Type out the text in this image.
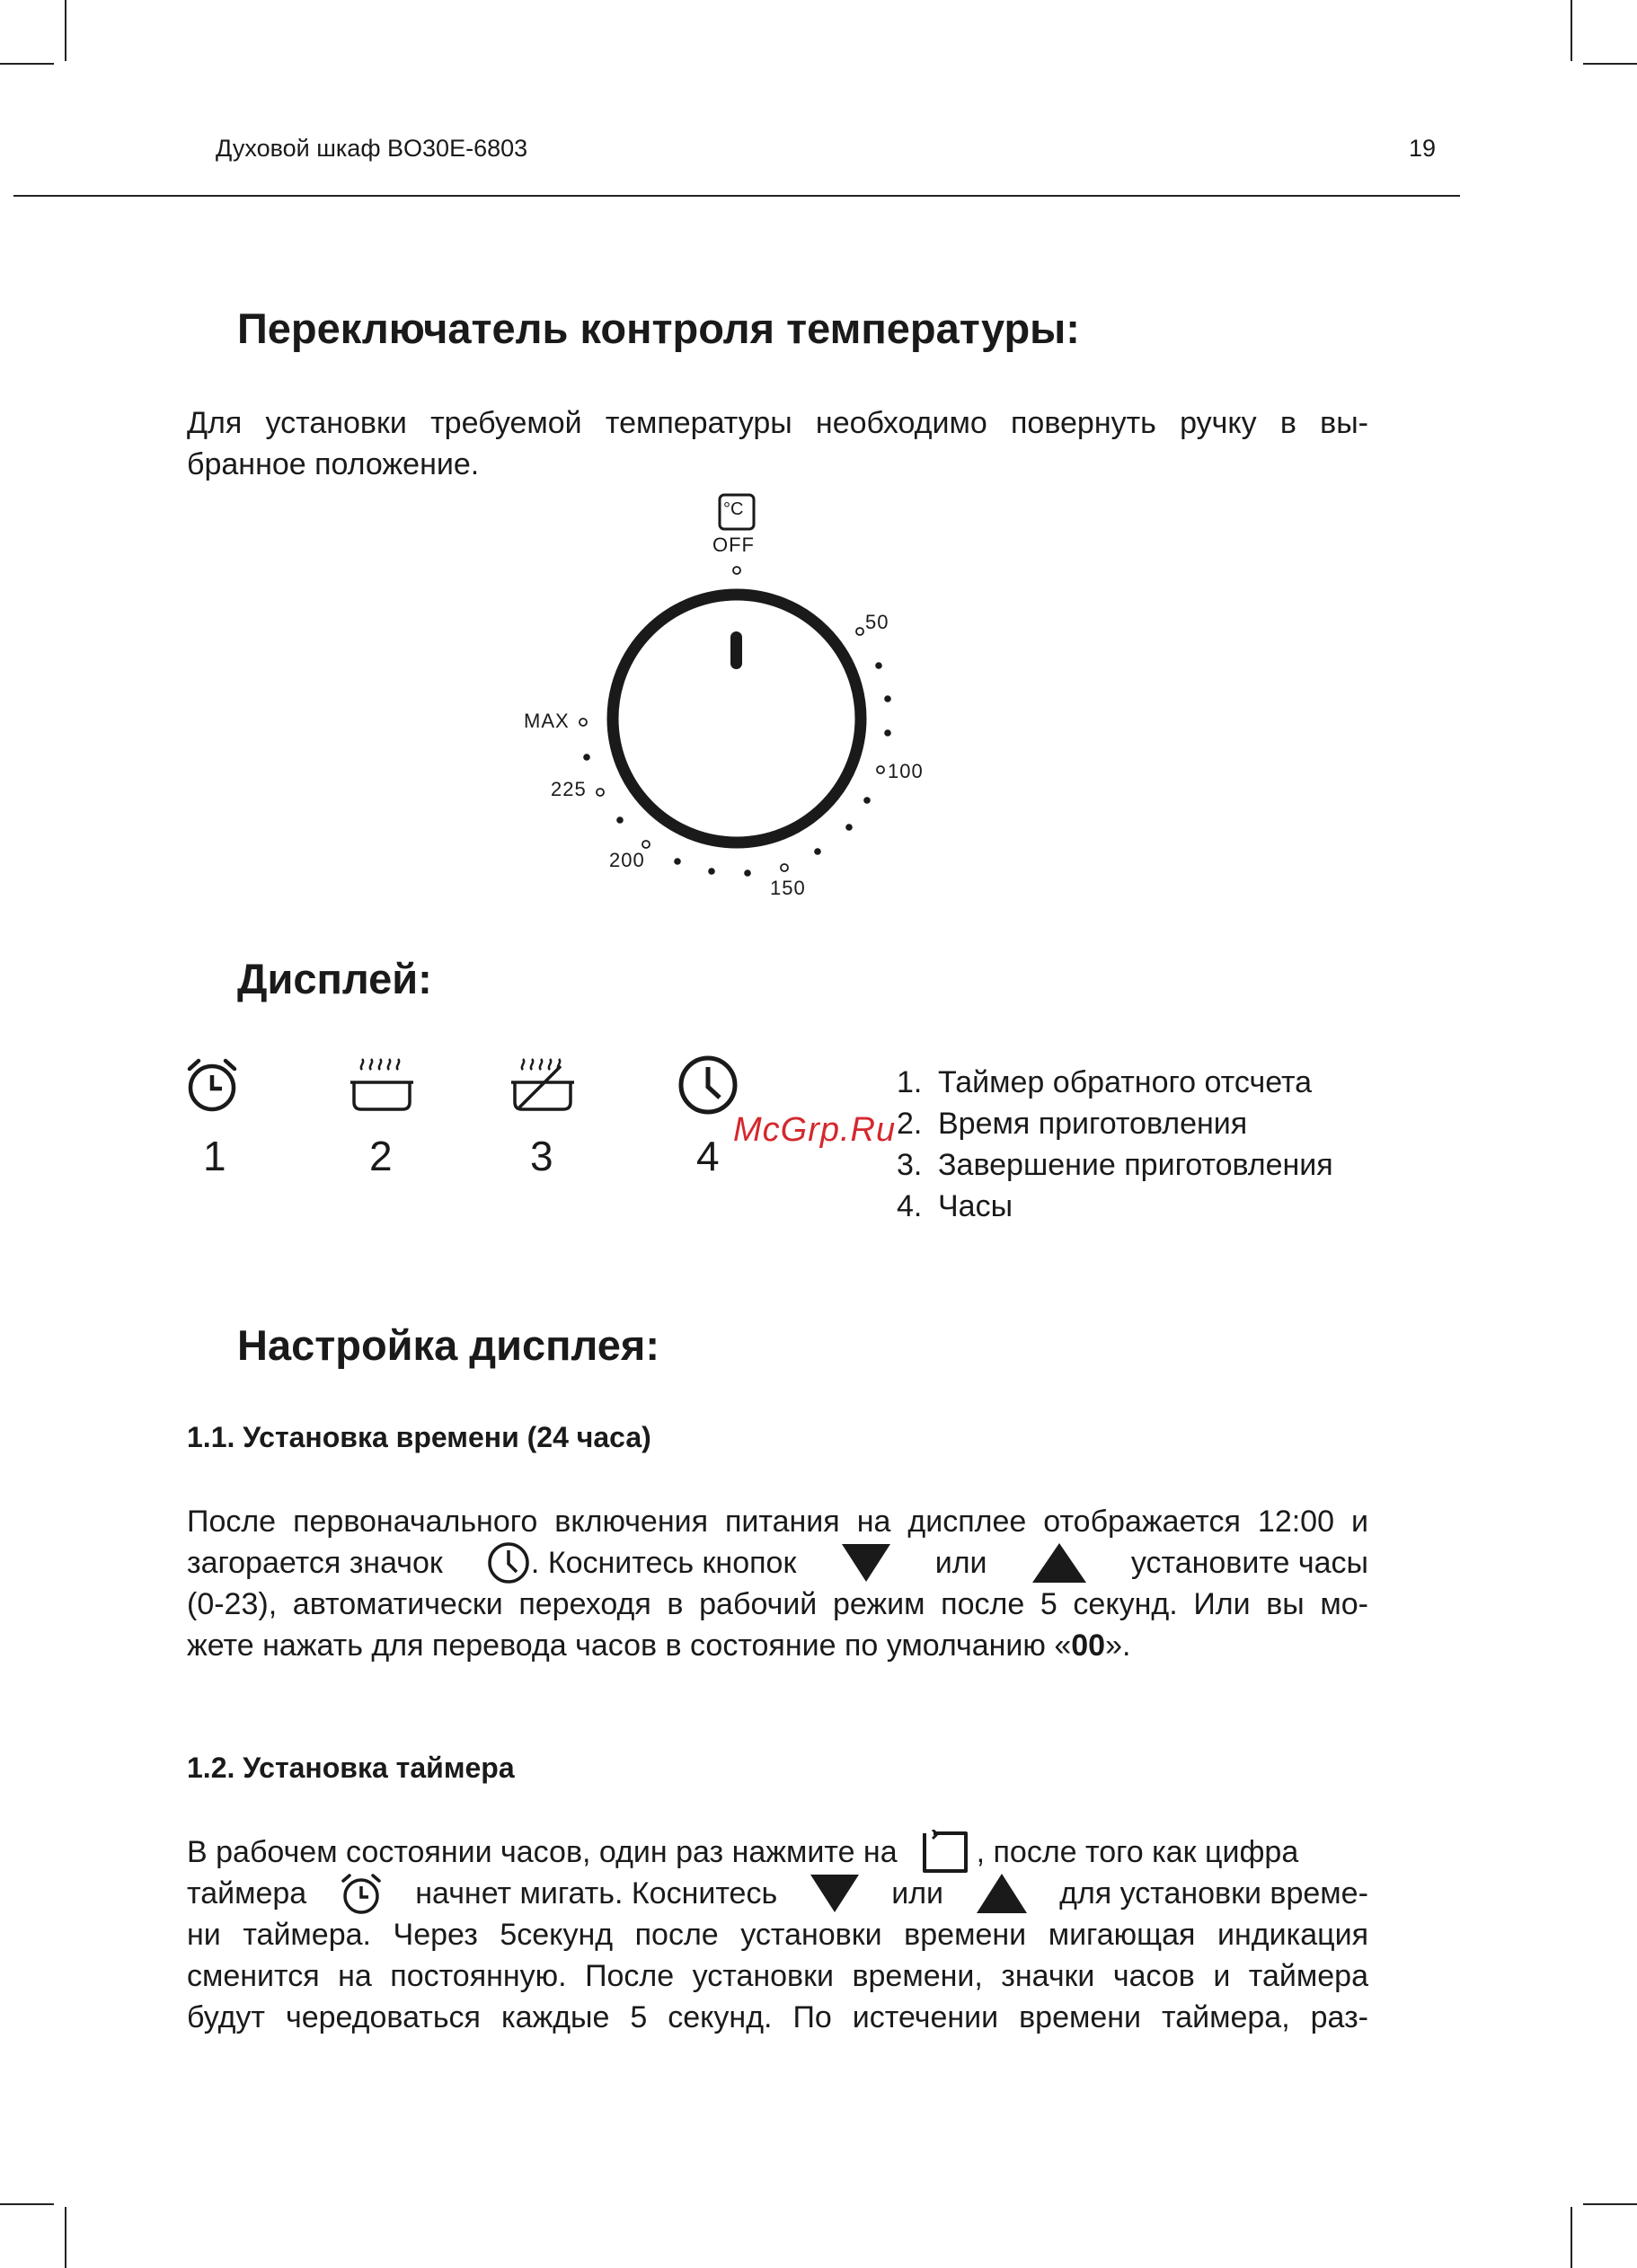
Духовой шкаф BO30E-6803	19
Переключатель контроля температуры:
Для установки требуемой температуры необходимо повернуть ручку в вы-
бранное положение.
°C
OFF
50
100
150
200
225
MAX
Дисплей:
1	2	3	4
1. Таймер обратного отсчета
2. Время приготовления
3. Завершение приготовления
4. Часы
McGrp.Ru
Настройка дисплея:
1.1. Установка времени (24 часа)
После первоначального включения питания на дисплее отображается 12:00 и
загорается значок	. Коснитесь кнопок	или	установите часы
(0-23), автоматически переходя в рабочий режим после 5 секунд. Или вы мо-
жете нажать для перевода часов в состояние по умолчанию «00».
1.2. Установка таймера
В рабочем состоянии часов, один раз нажмите на	, после того как цифра
таймера	начнет мигать. Коснитесь	или	для установки време-
ни таймера. Через 5секунд после установки времени мигающая индикация
сменится на постоянную. После установки времени, значки часов и таймера
будут чередоваться каждые 5 секунд. По истечении времени таймера, раз-
